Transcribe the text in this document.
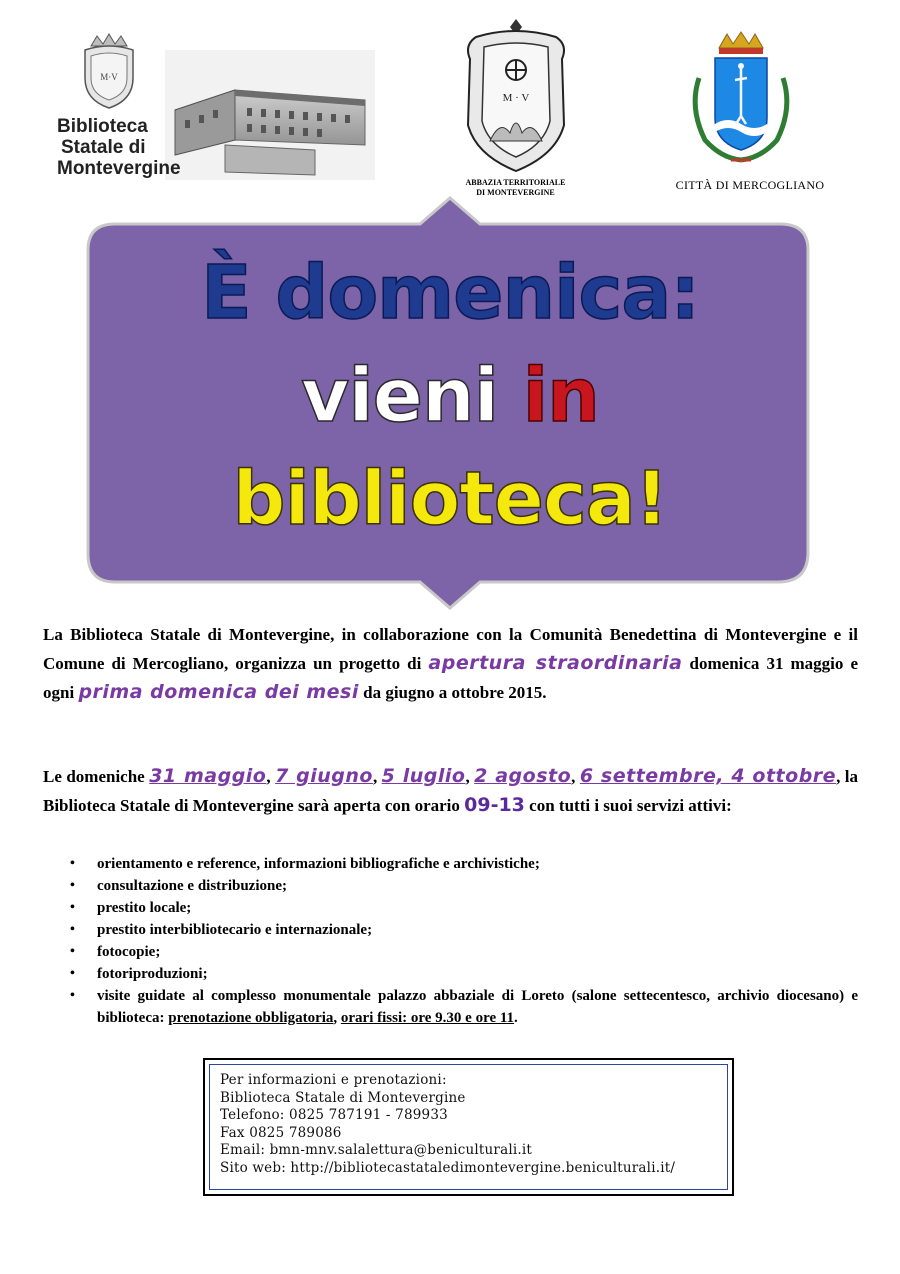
M·V
Biblioteca
Statale di
Montevergine
M · V
ABBAZIA TERRITORIALE
DI MONTEVERGINE
CITTÀ DI MERCOGLIANO
È domenica:
vieni in
biblioteca!
La Biblioteca Statale di Montevergine, in collaborazione con la Comunità Benedettina di Montevergine e il Comune di Mercogliano, organizza un progetto di apertura straordinaria domenica 31 maggio e ogni prima domenica dei mesi da giugno a ottobre 2015.
Le domeniche 31 maggio, 7 giugno, 5 luglio, 2 agosto, 6 settembre, 4 ottobre, la Biblioteca Statale di Montevergine sarà aperta con orario 09-13 con tutti i suoi servizi attivi:
• orientamento e reference, informazioni bibliografiche e archivistiche;
• consultazione e distribuzione;
• prestito locale;
• prestito interbibliotecario e internazionale;
• fotocopie;
• fotoriproduzioni;
• visite guidate al complesso monumentale palazzo abbaziale di Loreto (salone settecentesco, archivio diocesano) e biblioteca: prenotazione obbligatoria, orari fissi: ore 9.30 e ore 11.
Per informazioni e prenotazioni:
Biblioteca Statale di Montevergine
Telefono: 0825 787191 - 789933
Fax 0825 789086
Email: bmn-mnv.salalettura@beniculturali.it
Sito web: http://bibliotecastataledimontevergine.beniculturali.it/
